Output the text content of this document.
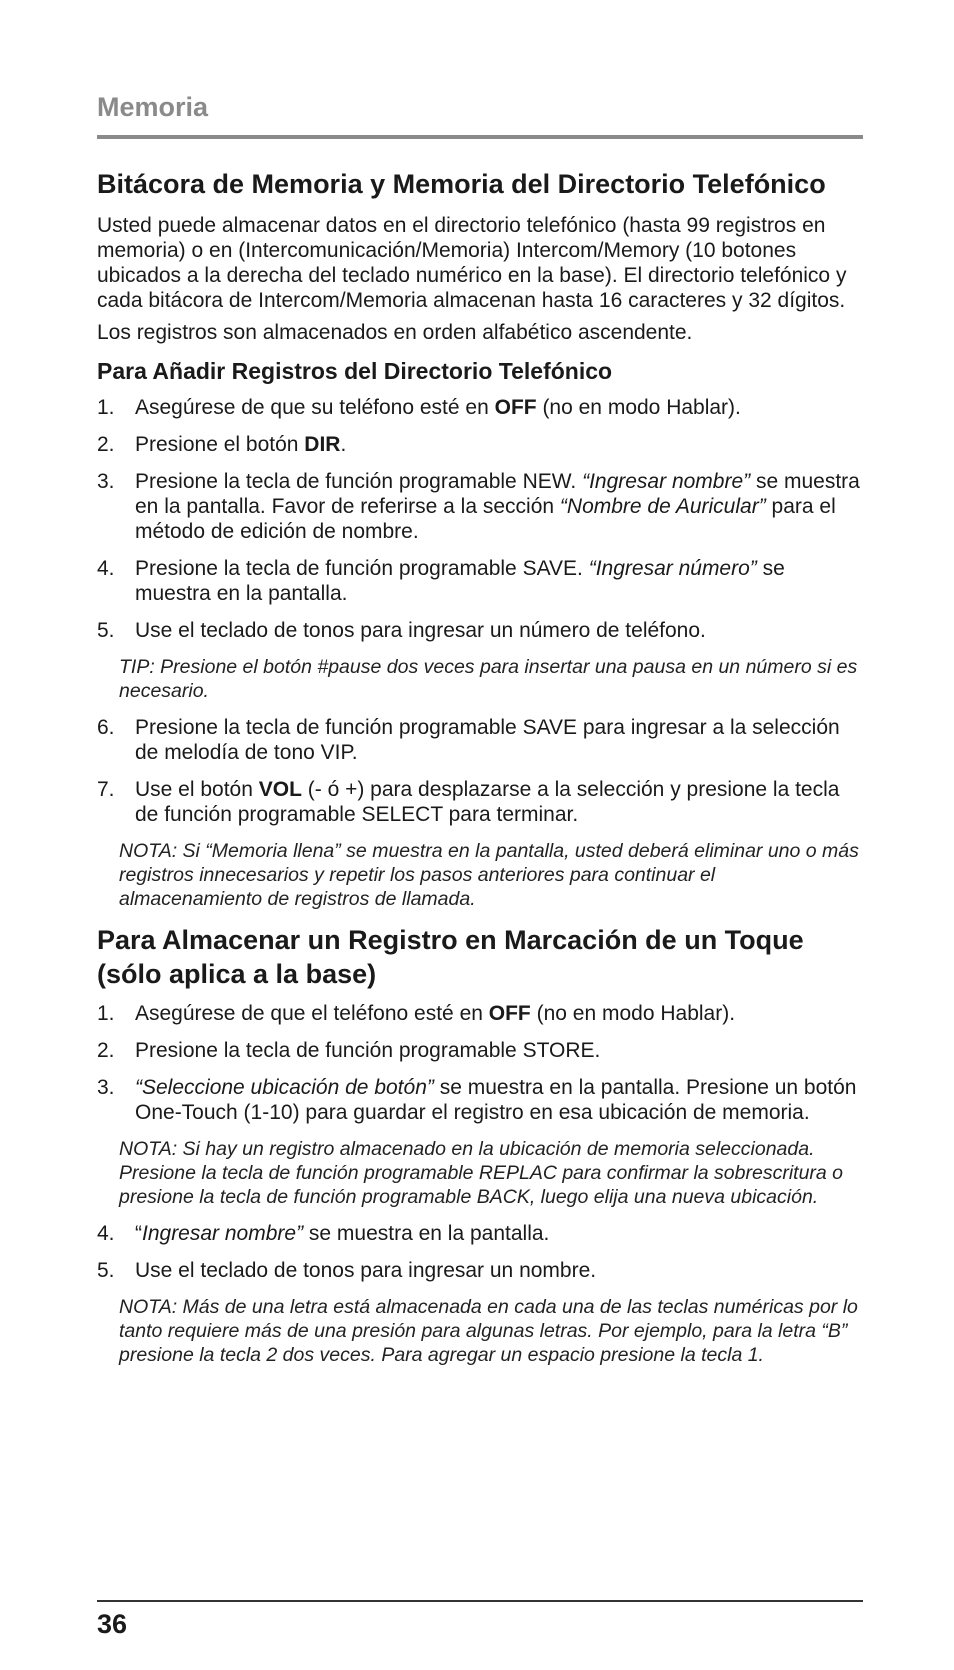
Memoria
Bitácora de Memoria y Memoria del Directorio Telefónico

Usted puede almacenar datos en el directorio telefónico (hasta 99 registros en memoria) o en (Intercomunicación/Memoria) Intercom/Memory (10 botones ubicados a la derecha del teclado numérico en la base). El directorio telefónico y cada bitácora de Intercom/Memoria almacenan hasta 16 caracteres y 32 dígitos.

Los registros son almacenados en orden alfabético ascendente.

Para Añadir Registros del Directorio Telefónico
1. Asegúrese de que su teléfono esté en OFF (no en modo Hablar).
2. Presione el botón DIR.
3. Presione la tecla de función programable NEW. “Ingresar nombre” se muestra en la pantalla. Favor de referirse a la sección “Nombre de Auricular” para el método de edición de nombre.
4. Presione la tecla de función programable SAVE. “Ingresar número” se muestra en la pantalla.
5. Use el teclado de tonos para ingresar un número de teléfono.
TIP: Presione el botón #pause dos veces para insertar una pausa en un número si es necesario.
6. Presione la tecla de función programable SAVE para ingresar a la selección de melodía de tono VIP.
7. Use el botón VOL (- ó +) para desplazarse a la selección y presione la tecla de función programable SELECT para terminar.
NOTA: Si “Memoria llena” se muestra en la pantalla, usted deberá eliminar uno o más registros innecesarios y repetir los pasos anteriores para continuar el almacenamiento de registros de llamada.
Para Almacenar un Registro en Marcación de un Toque (sólo aplica a la base)
1. Asegúrese de que el teléfono esté en OFF (no en modo Hablar).
2. Presione la tecla de función programable STORE.
3. “Seleccione ubicación de botón” se muestra en la pantalla. Presione un botón One-Touch (1-10) para guardar el registro en esa ubicación de memoria.
NOTA: Si hay un registro almacenado en la ubicación de memoria seleccionada. Presione la tecla de función programable REPLAC para confirmar la sobrescritura o presione la tecla de función programable BACK, luego elija una nueva ubicación.
4. “Ingresar nombre” se muestra en la pantalla.
5. Use el teclado de tonos para ingresar un nombre.
NOTA: Más de una letra está almacenada en cada una de las teclas numéricas por lo tanto requiere más de una presión para algunas letras. Por ejemplo, para la letra “B” presione la tecla 2 dos veces. Para agregar un espacio presione la tecla 1.
36
